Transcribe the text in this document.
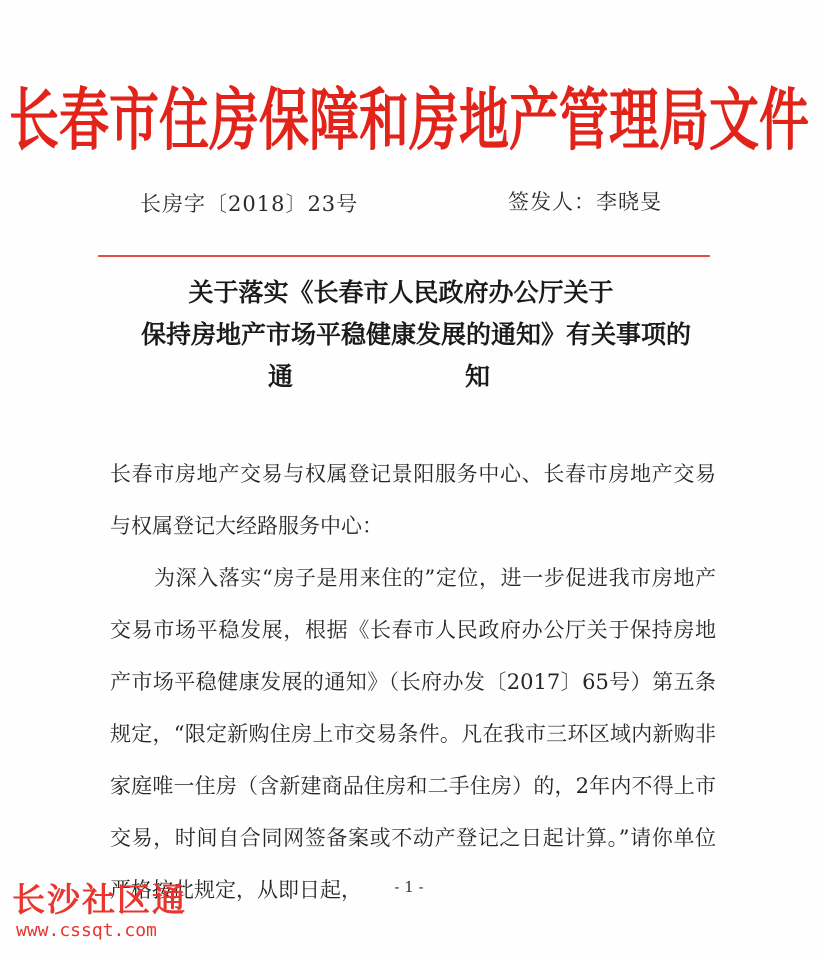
长春市住房保障和房地产管理局文件
长房字〔2018〕23号	签发人：李晓旻
关于落实《长春市人民政府办公厅关于
保持房地产市场平稳健康发展的通知》有关事项的
通	知

长春市房地产交易与权属登记景阳服务中心、长春市房地产交易与权属登记大经路服务中心：

为深入落实“房子是用来住的”定位，进一步促进我市房地产交易市场平稳发展，根据《长春市人民政府办公厅关于保持房地产市场平稳健康发展的通知》（长府办发〔2017〕65号）第五条规定，“限定新购住房上市交易条件。凡在我市三环区域内新购非家庭唯一住房（含新建商品住房和二手住房）的，2年内不得上市交易，时间自合同网签备案或不动产登记之日起计算。”请你单位严格按此规定，从即日起，	- 1 -
长沙社区通
www.cssqt.com
